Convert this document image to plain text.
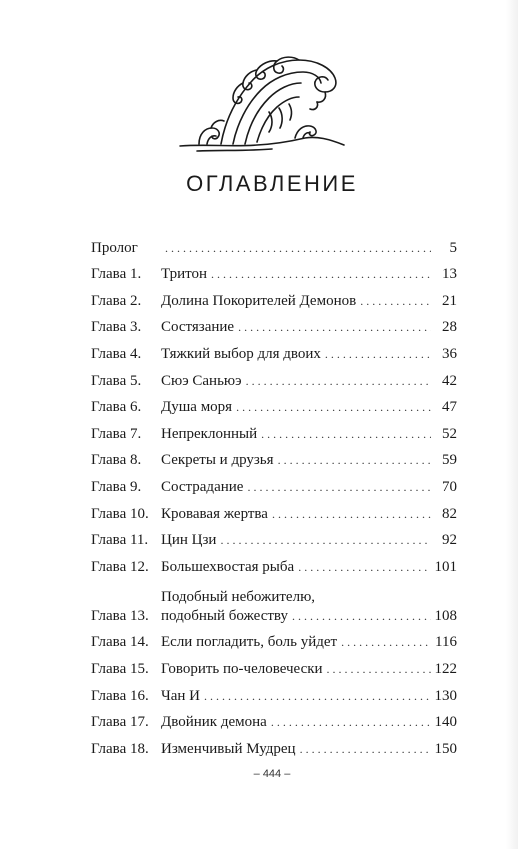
ОГЛАВЛЕНИЕ
Пролог . . .	5
Глава 1.	Тритон . . .	13
Глава 2.	Долина Покорителей Демонов . . .	21
Глава 3.	Состязание . . .	28
Глава 4.	Тяжкий выбор для двоих . . .	36
Глава 5.	Сюэ Саньюэ . . .	42
Глава 6.	Душа моря . . .	47
Глава 7.	Непреклонный . . .	52
Глава 8.	Секреты и друзья . . .	59
Глава 9.	Сострадание . . .	70
Глава 10. Кровавая жертва . . .	82
Глава 11. Цин Цзи . . .	92
Глава 12. Большехвостая рыба . . .	101
Глава 13.
Подобный небожителю,
подобный божеству . . .	108
Глава 14. Если погладить, боль уйдет . . .	116
Глава 15. Говорить по-человечески . . .	122
Глава 16. Чан И . . .	130
Глава 17. Двойник демона . . .	140
Глава 18. Изменчивый Мудрец . . .	150
– 444 –
